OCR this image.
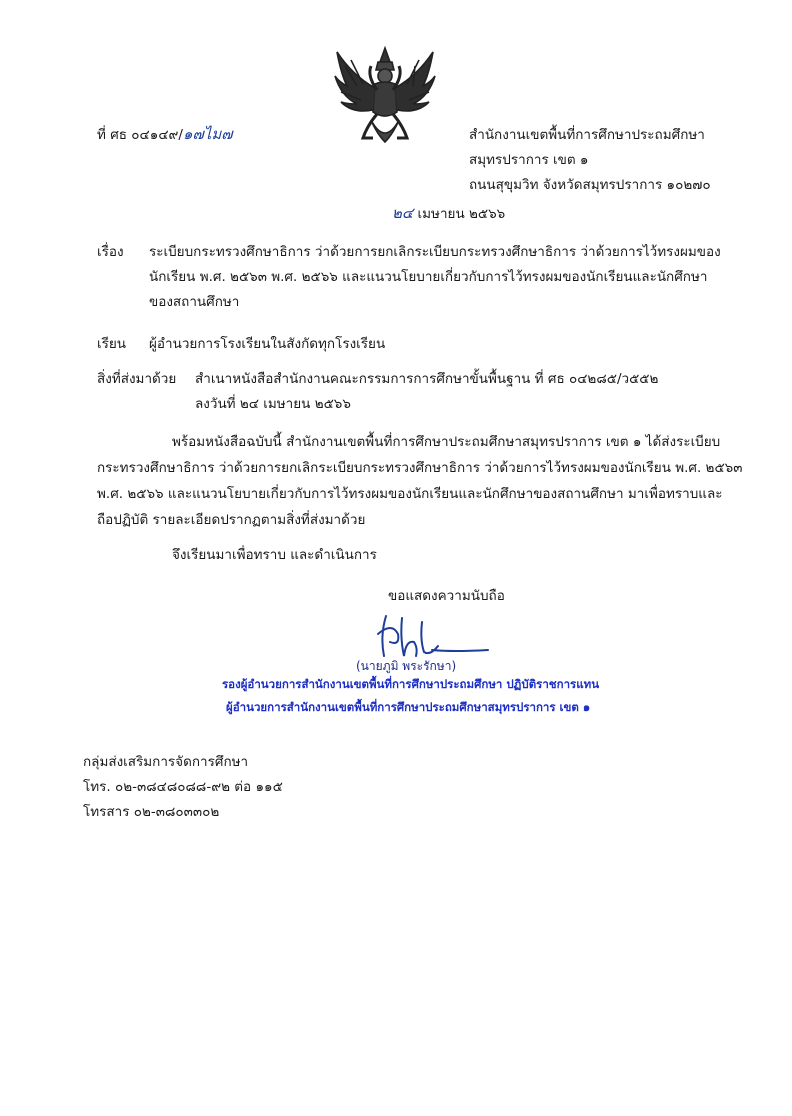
ที่ ศธ ๐๔๑๔๙/๑๗ไม๗	สำนักงานเขตพื้นที่การศึกษาประถมศึกษา
สมุทรปราการ เขต ๑
ถนนสุขุมวิท จังหวัดสมุทรปราการ ๑๐๒๗๐
๒๔ เมษายน ๒๕๖๖
เรื่อง ระเบียบกระทรวงศึกษาธิการ ว่าด้วยการยกเลิกระเบียบกระทรวงศึกษาธิการ ว่าด้วยการไว้ทรงผมของ
นักเรียน พ.ศ. ๒๕๖๓ พ.ศ. ๒๕๖๖ และแนวนโยบายเกี่ยวกับการไว้ทรงผมของนักเรียนและนักศึกษา
ของสถานศึกษา
เรียน ผู้อำนวยการโรงเรียนในสังกัดทุกโรงเรียน
สิ่งที่ส่งมาด้วย สำเนาหนังสือสำนักงานคณะกรรมการการศึกษาขั้นพื้นฐาน ที่ ศธ ๐๔๒๘๕/ว๕๕๒
ลงวันที่ ๒๔ เมษายน ๒๕๖๖
พร้อมหนังสือฉบับนี้ สำนักงานเขตพื้นที่การศึกษาประถมศึกษาสมุทรปราการ เขต ๑ ได้ส่งระเบียบ
กระทรวงศึกษาธิการ ว่าด้วยการยกเลิกระเบียบกระทรวงศึกษาธิการ ว่าด้วยการไว้ทรงผมของนักเรียน พ.ศ. ๒๕๖๓
พ.ศ. ๒๕๖๖ และแนวนโยบายเกี่ยวกับการไว้ทรงผมของนักเรียนและนักศึกษาของสถานศึกษา มาเพื่อทราบและ
ถือปฏิบัติ รายละเอียดปรากฏตามสิ่งที่ส่งมาด้วย
จึงเรียนมาเพื่อทราบ และดำเนินการ
ขอแสดงความนับถือ
(นายภูมิ พระรักษา)
รองผู้อำนวยการสำนักงานเขตพื้นที่การศึกษาประถมศึกษา ปฏิบัติราชการแทน
ผู้อำนวยการสำนักงานเขตพื้นที่การศึกษาประถมศึกษาสมุทรปราการ เขต ๑
กลุ่มส่งเสริมการจัดการศึกษา
โทร. ๐๒-๓๘๔๘๐๘๘-๙๒ ต่อ ๑๑๕
โทรสาร ๐๒-๓๘๐๓๓๐๒
